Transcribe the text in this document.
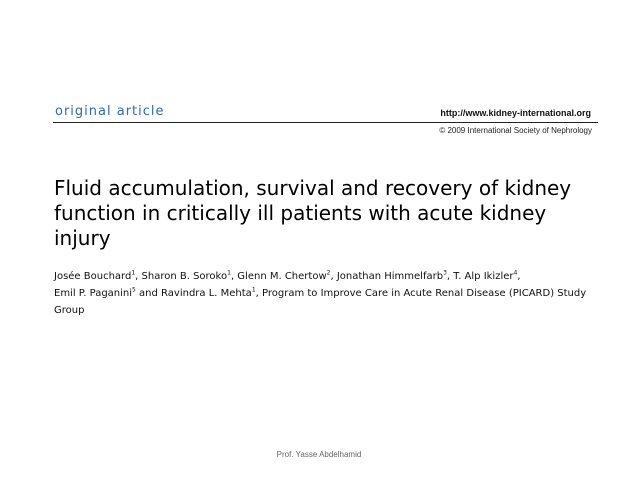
original article	http://www.kidney-international.org
© 2009 International Society of Nephrology
Fluid accumulation, survival and recovery of kidney function in critically ill patients with acute kidney injury

Josée Bouchard$^1$, Sharon B. Soroko$^1$, Glenn M. Chertow$^2$, Jonathan Himmelfarb$^3$, T. Alp Ikizler$^4$,
Emil P. Paganini$^5$ and Ravindra L. Mehta$^1$, Program to Improve Care in Acute Renal Disease (PICARD) Study Group

Prof. Yasse Abdelhamid
